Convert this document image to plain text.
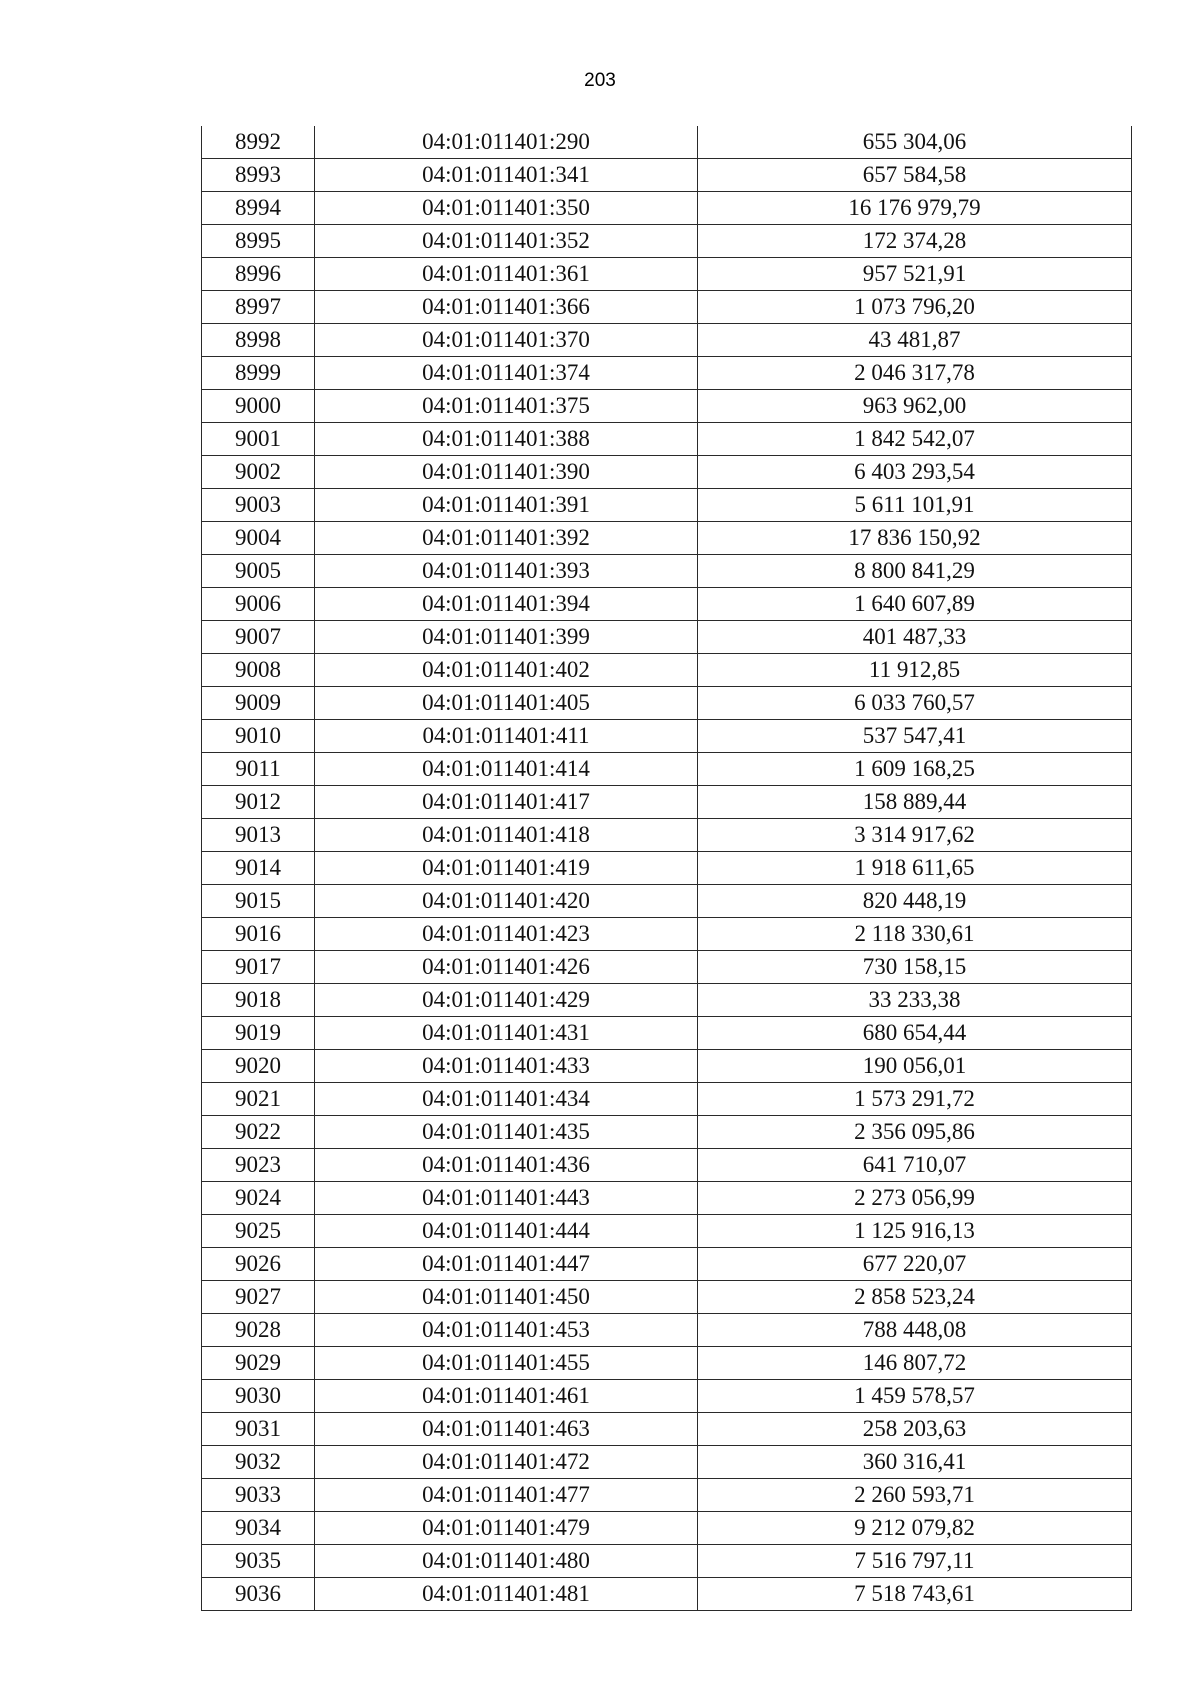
203
8992	04:01:011401:290	655 304,06
8993	04:01:011401:341	657 584,58
8994	04:01:011401:350	16 176 979,79
8995	04:01:011401:352	172 374,28
8996	04:01:011401:361	957 521,91
8997	04:01:011401:366	1 073 796,20
8998	04:01:011401:370	43 481,87
8999	04:01:011401:374	2 046 317,78
9000	04:01:011401:375	963 962,00
9001	04:01:011401:388	1 842 542,07
9002	04:01:011401:390	6 403 293,54
9003	04:01:011401:391	5 611 101,91
9004	04:01:011401:392	17 836 150,92
9005	04:01:011401:393	8 800 841,29
9006	04:01:011401:394	1 640 607,89
9007	04:01:011401:399	401 487,33
9008	04:01:011401:402	11 912,85
9009	04:01:011401:405	6 033 760,57
9010	04:01:011401:411	537 547,41
9011	04:01:011401:414	1 609 168,25
9012	04:01:011401:417	158 889,44
9013	04:01:011401:418	3 314 917,62
9014	04:01:011401:419	1 918 611,65
9015	04:01:011401:420	820 448,19
9016	04:01:011401:423	2 118 330,61
9017	04:01:011401:426	730 158,15
9018	04:01:011401:429	33 233,38
9019	04:01:011401:431	680 654,44
9020	04:01:011401:433	190 056,01
9021	04:01:011401:434	1 573 291,72
9022	04:01:011401:435	2 356 095,86
9023	04:01:011401:436	641 710,07
9024	04:01:011401:443	2 273 056,99
9025	04:01:011401:444	1 125 916,13
9026	04:01:011401:447	677 220,07
9027	04:01:011401:450	2 858 523,24
9028	04:01:011401:453	788 448,08
9029	04:01:011401:455	146 807,72
9030	04:01:011401:461	1 459 578,57
9031	04:01:011401:463	258 203,63
9032	04:01:011401:472	360 316,41
9033	04:01:011401:477	2 260 593,71
9034	04:01:011401:479	9 212 079,82
9035	04:01:011401:480	7 516 797,11
9036	04:01:011401:481	7 518 743,61
